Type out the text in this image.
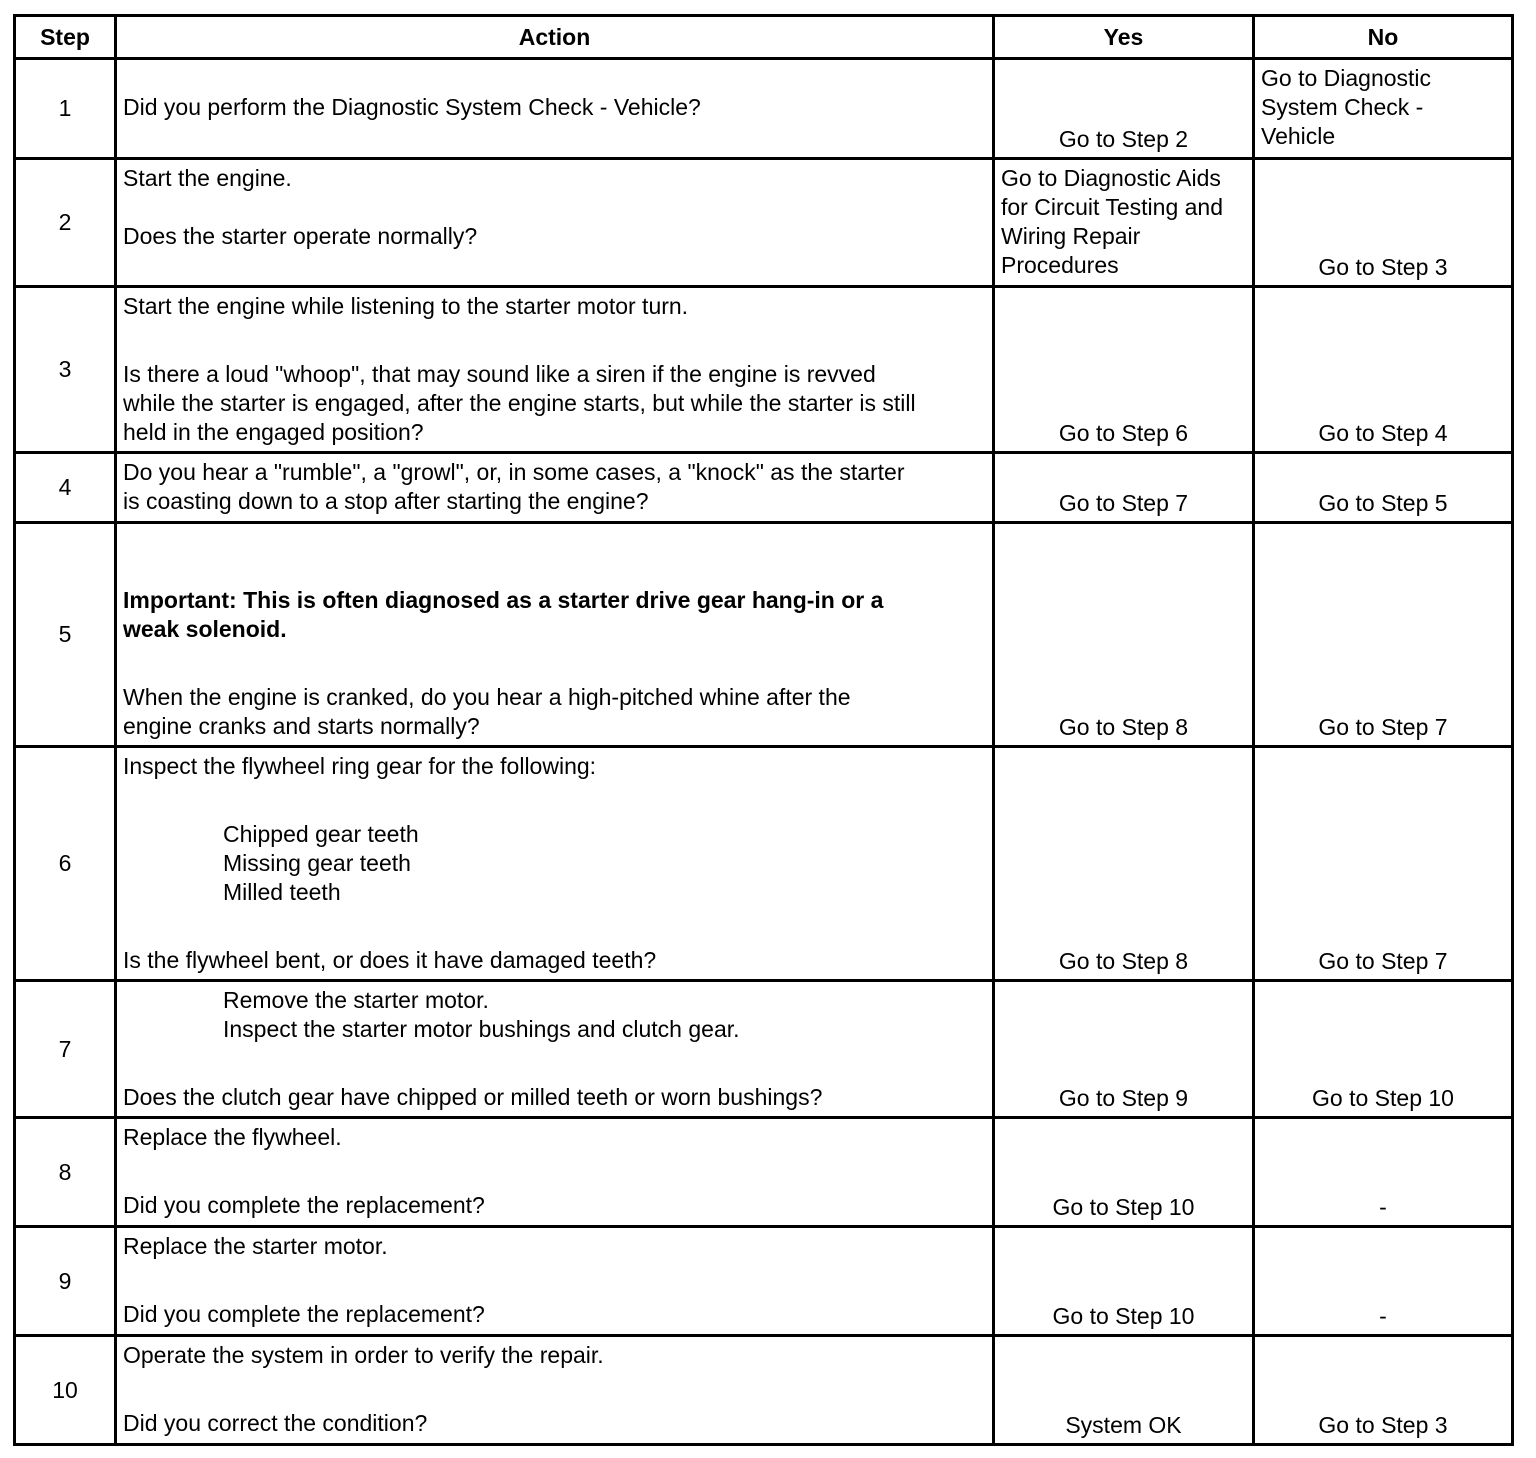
Step	Action	Yes	No
1	Did you perform the Diagnostic System Check - Vehicle?	Go to Step 2	Go to Diagnostic
System Check -
Vehicle

2	Start the engine.
Does the starter operate normally?	Go to Diagnostic Aids
for Circuit Testing and
Wiring Repair
Procedures	Go to Step 3
3	Start the engine while listening to the starter motor turn.
Is there a loud "whoop", that may sound like a siren if the engine is revved
while the starter is engaged, after the engine starts, but while the starter is still
held in the engaged position?	Go to Step 6	Go to Step 4
4	Do you hear a "rumble", a "growl", or, in some cases, a "knock" as the starter
is coasting down to a stop after starting the engine?	Go to Step 7	Go to Step 5
5	Important: This is often diagnosed as a starter drive gear hang-in or a
weak solenoid.
When the engine is cranked, do you hear a high-pitched whine after the
engine cranks and starts normally?	Go to Step 8	Go to Step 7
6	Inspect the flywheel ring gear for the following:
Chipped gear teeth
Missing gear teeth
Milled teeth
Is the flywheel bent, or does it have damaged teeth?	Go to Step 8	Go to Step 7
7	Remove the starter motor.
Inspect the starter motor bushings and clutch gear.
Does the clutch gear have chipped or milled teeth or worn bushings?	Go to Step 9	Go to Step 10
8	Replace the flywheel.
Did you complete the replacement?	Go to Step 10	-
9	Replace the starter motor.
Did you complete the replacement?	Go to Step 10	-
10	Operate the system in order to verify the repair.
Did you correct the condition?	System OK	Go to Step 3
